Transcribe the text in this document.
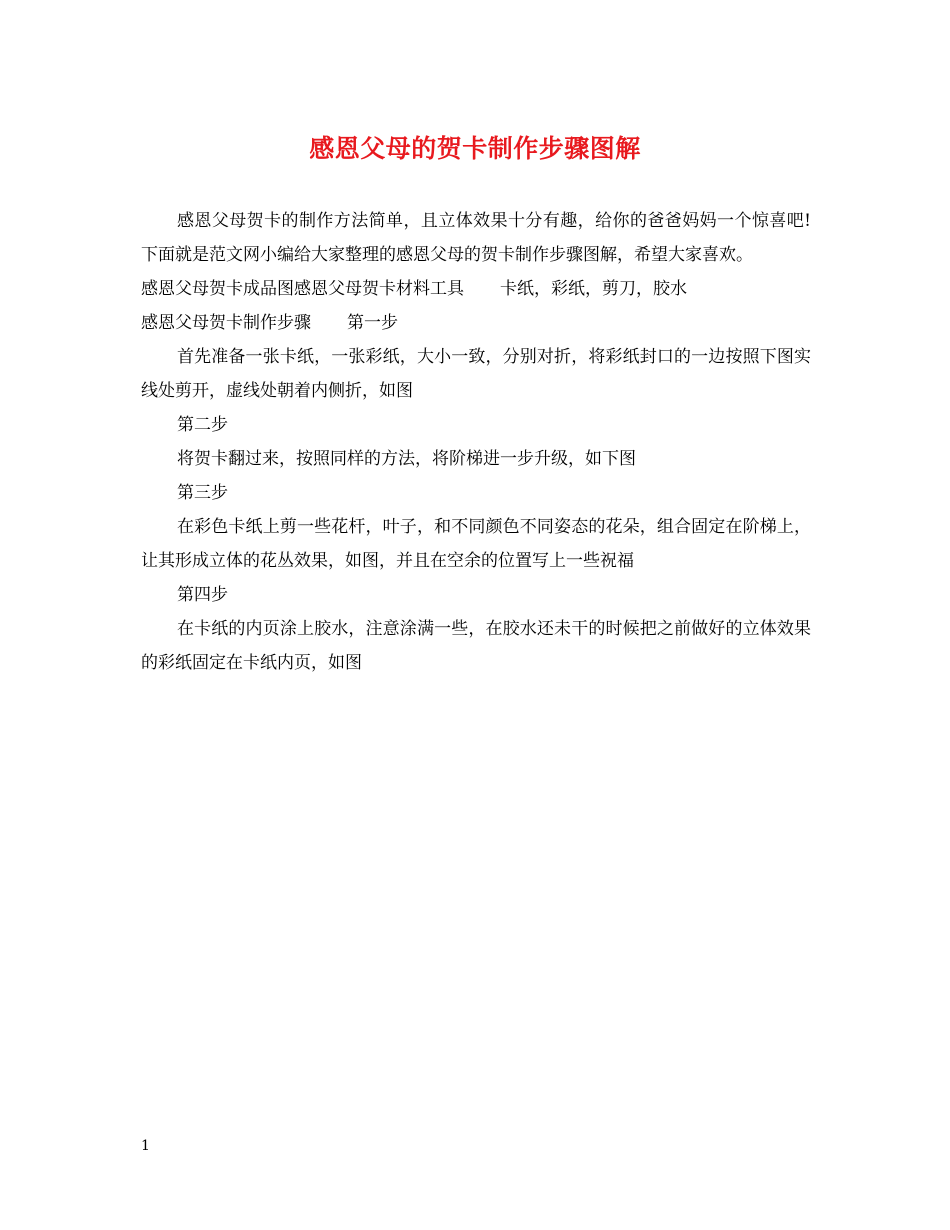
感恩父母的贺卡制作步骤图解

感恩父母贺卡的制作方法简单，且立体效果十分有趣，给你的爸爸妈妈一个惊喜吧!下面就是范文网小编给大家整理的感恩父母的贺卡制作步骤图解，希望大家喜欢。

感恩父母贺卡成品图感恩父母贺卡材料工具 卡纸，彩纸，剪刀，胶水

感恩父母贺卡制作步骤 第一步

首先准备一张卡纸，一张彩纸，大小一致，分别对折，将彩纸封口的一边按照下图实线处剪开，虚线处朝着内侧折，如图

第二步

将贺卡翻过来，按照同样的方法，将阶梯进一步升级，如下图

第三步

在彩色卡纸上剪一些花杆，叶子，和不同颜色不同姿态的花朵，组合固定在阶梯上，让其形成立体的花丛效果，如图，并且在空余的位置写上一些祝福

第四步

在卡纸的内页涂上胶水，注意涂满一些，在胶水还未干的时候把之前做好的立体效果的彩纸固定在卡纸内页，如图

1
